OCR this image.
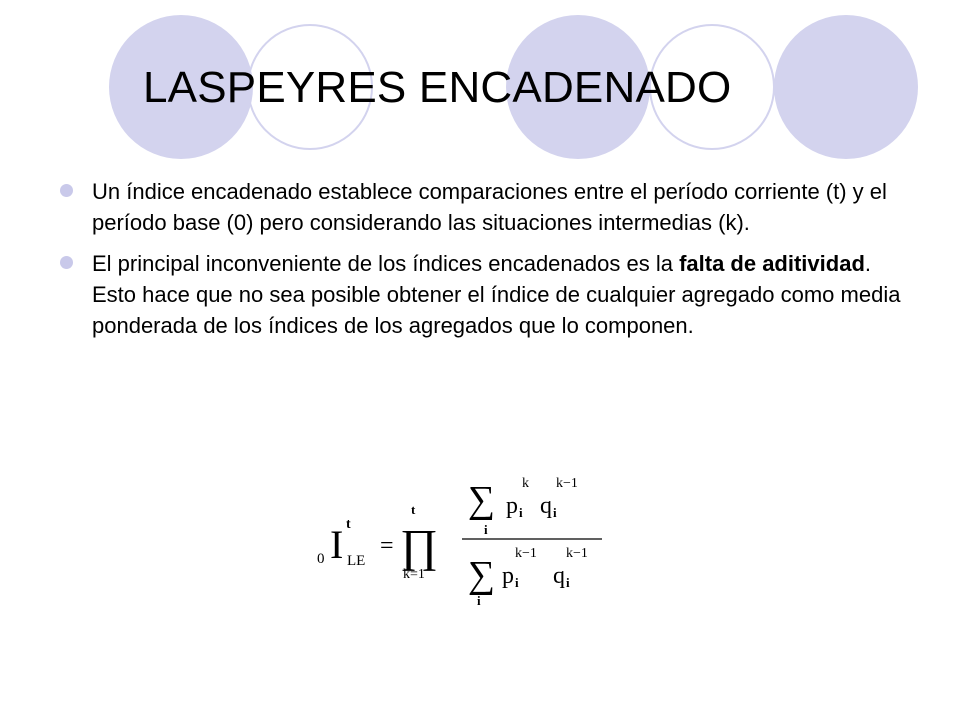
LASPEYRES ENCADENADO
Un índice encadenado establece comparaciones entre el período corriente (t) y el período base (0) pero considerando las situaciones intermedias (k).
El principal inconveniente de los índices encadenados es la falta de aditividad. Esto hace que no sea posible obtener el índice de cualquier agregado como media ponderada de los índices de los agregados que lo componen.
0 I t
LE
=
t
∏
k=1
∑
i
p i
k
q i
k−1
∑
i
p i
k−1
q i
k−1
